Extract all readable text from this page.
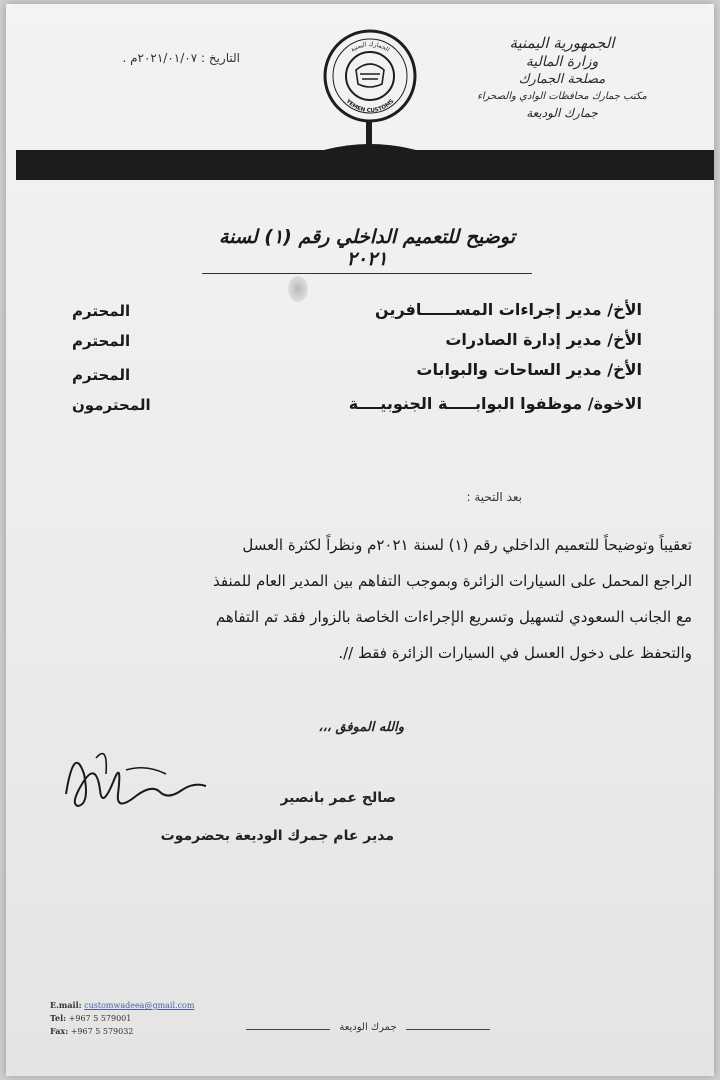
الجمهورية اليمنية
وزارة المالية
مصلحة الجمارك
مكتب جمارك محافظات الوادي والصحراء
جمارك الوديعة
التاريخ : ٢٠٢١/٠١/٠٧م .
الجمارك اليمنية
YEMEN CUSTOMS
توضيح للتعميم الداخلي رقم (١) لسنة ٢٠٢١
الأخ/ مدير إجراءات المســــــافرين
المحترم
الأخ/ مدير إدارة الصادرات
المحترم
الأخ/ مدير الساحات والبوابات
المحترم
الاخوة/ موظفوا البوابـــــة الجنوبيــــة
المحترمون
بعد التحية :
تعقيباً وتوضيحاً للتعميم الداخلي رقم (١) لسنة ٢٠٢١م ونظراً لكثرة العسل
الراجع المحمل على السيارات الزائرة وبموجب التفاهم بين المدير العام للمنفذ
مع الجانب السعودي لتسهيل وتسريع الإجراءات الخاصة بالزوار فقد تم التفاهم
والتحفظ على دخول العسل في السيارات الزائرة فقط //.
والله الموفق ،،،
صالح عمر بانصير
مدير عام جمرك الوديعة بحضرموت
E.mail: customwadeea@gmail.com
Tel: +967 5 579001
Fax: +967 5 579032	جمرك الوديعة
